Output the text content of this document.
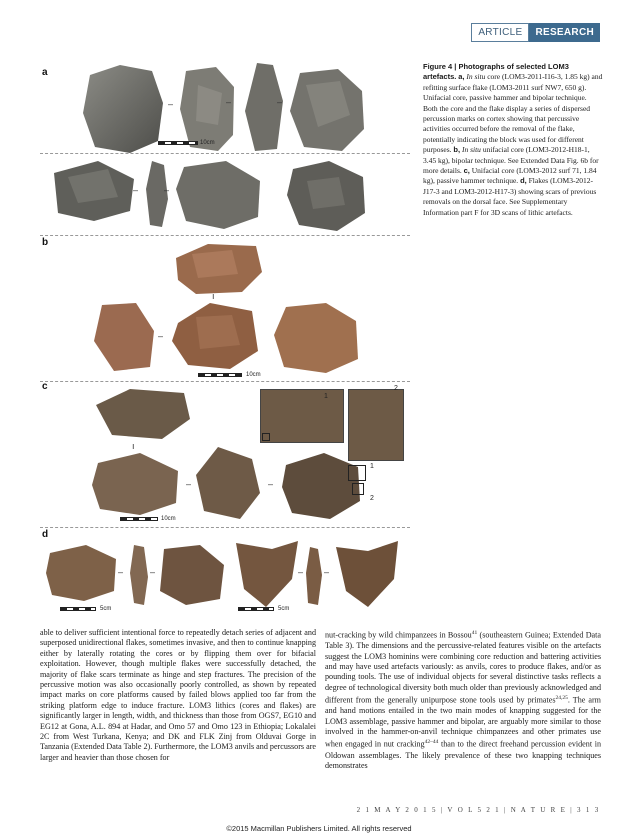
ARTICLE	RESEARCH
a
–	–	–
10cm
–	–
b
ı
–
10cm
c
ı
1
2
–	–
1
2
10cm
d
–	–	– –
5cm	5cm
Figure 4 | Photographs of selected LOM3 artefacts. a, In situ core (LOM3-2011-I16-3, 1.85 kg) and refitting surface flake (LOM3-2011 surf NW7, 650 g). Unifacial core, passive hammer and bipolar technique. Both the core and the flake display a series of dispersed percussion marks on cortex showing that percussive activities occurred before the removal of the flake, potentially indicating the block was used for different purposes. b, In situ unifacial core (LOM3-2012-H18-1, 3.45 kg), bipolar technique. See Extended Data Fig. 6b for more details. c, Unifacial core (LOM3-2012 surf 71, 1.84 kg), passive hammer technique. d, Flakes (LOM3-2012-J17-3 and LOM3-2012-H17-3) showing scars of previous removals on the dorsal face. See Supplementary Information part F for 3D scans of lithic artefacts.
able to deliver sufficient intentional force to repeatedly detach series of adjacent and superposed unidirectional flakes, sometimes invasive, and then to continue knapping either by laterally rotating the cores or by flipping them over for bifacial exploitation. However, though multiple flakes were successfully detached, the majority of flake scars terminate as hinge and step fractures. The precision of the percussive motion was also occasionally poorly controlled, as shown by repeated impact marks on core platforms caused by failed blows applied too far from the striking platform edge to induce fracture. LOM3 lithics (cores and flakes) are significantly larger in length, width, and thickness than those from OGS7, EG10 and EG12 at Gona, A.L. 894 at Hadar, and Omo 57 and Omo 123 in Ethiopia; Lokalalei 2C from West Turkana, Kenya; and DK and FLK Zinj from Olduvai Gorge in Tanzania (Extended Data Table 2). Furthermore, the LOM3 anvils and percussors are larger and heavier than those chosen for
nut-cracking by wild chimpanzees in Bossou$^{41}$ (southeastern Guinea; Extended Data Table 3). The dimensions and the percussive-related features visible on the artefacts suggest the LOM3 hominins were combining core reduction and battering activities and may have used artefacts variously: as anvils, cores to produce flakes, and/or as pounding tools. The use of individual objects for several distinctive tasks reflects a degree of technological diversity both much older than previously acknowledged and different from the generally unipurpose stone tools used by primates$^{24,25}$. The arm and hand motions entailed in the two main modes of knapping suggested for the LOM3 assemblage, passive hammer and bipolar, are arguably more similar to those involved in the hammer-on-anvil technique chimpanzees and other primates use when engaged in nut cracking$^{42-44}$ than to the direct freehand percussion evident in Oldowan assemblages. The likely prevalence of these two knapping techniques demonstrates
2 1 M A Y 2 0 1 5 | V O L 5 2 1 | N A T U R E | 3 1 3
©2015 Macmillan Publishers Limited. All rights reserved
